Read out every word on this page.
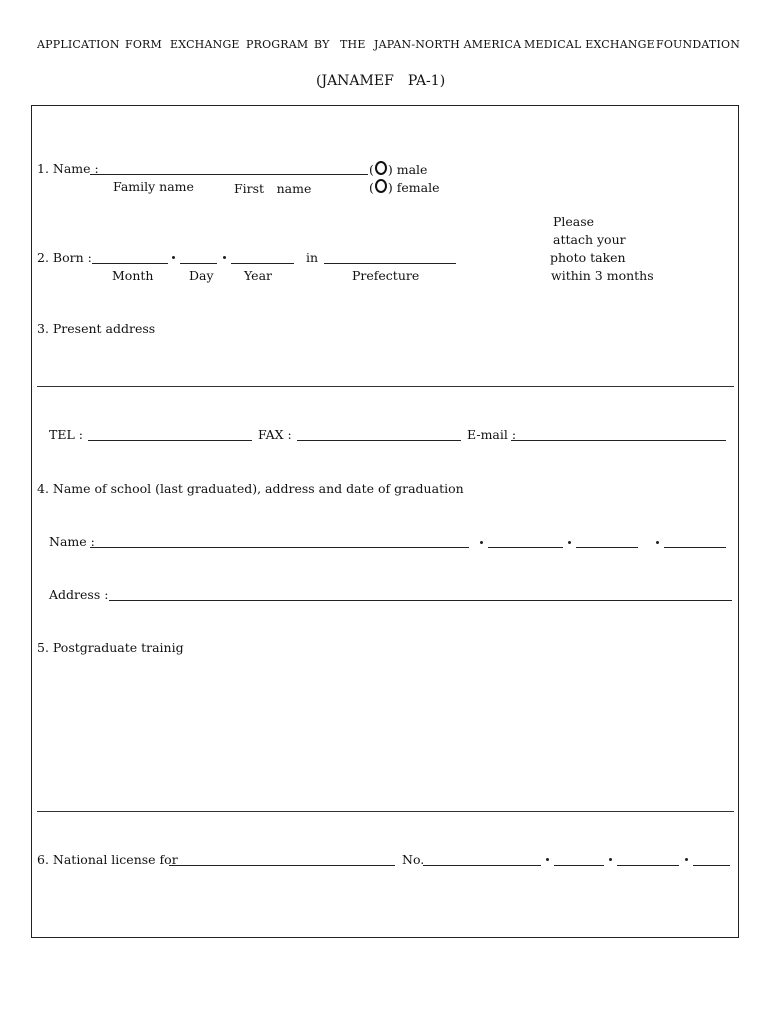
APPLICATION FORM EXCHANGE PROGRAM BY THE JAPAN-NORTH AMERICA MEDICAL EXCHANGE FOUNDATION
(JANAMEF　PA-1)
1. Name :	( ) male
( ) female
Family name	First　name
Please
attach your
photo taken
within 3 months
2. Born :	in
Month	Day Year	Prefecture
3. Present address
TEL :	FAX :	E-mail :
4. Name of school (last graduated), address and date of graduation
Name :
Address :
5. Postgraduate trainig
6. National license for	No.
